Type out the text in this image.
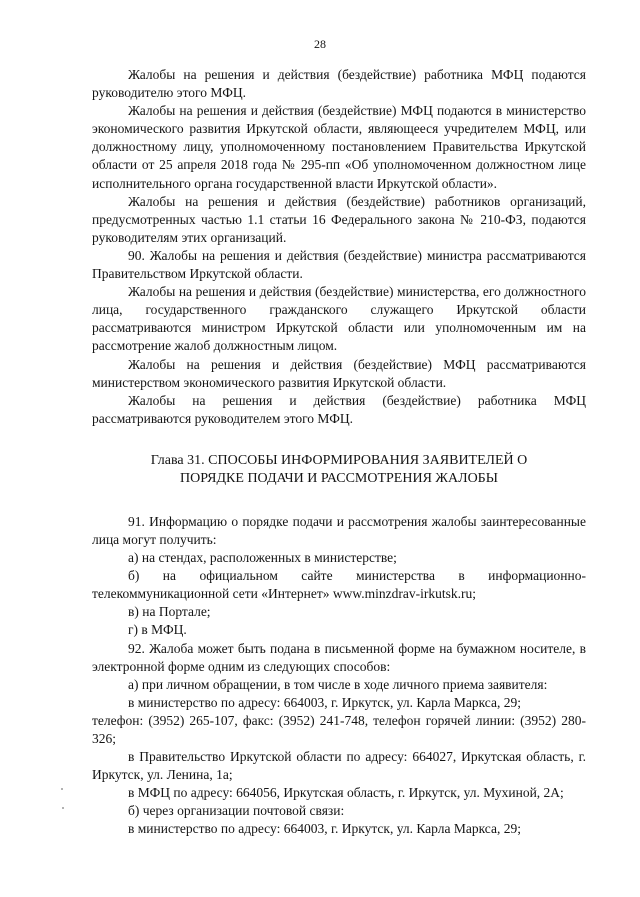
28

Жалобы на решения и действия (бездействие) работника МФЦ подаются руководителю этого МФЦ.

Жалобы на решения и действия (бездействие) МФЦ подаются в министерство экономического развития Иркутской области, являющееся учредителем МФЦ, или должностному лицу, уполномоченному постановлением Правительства Иркутской области от 25 апреля 2018 года № 295-пп «Об уполномоченном должностном лице исполнительного органа государственной власти Иркутской области».

Жалобы на решения и действия (бездействие) работников организаций, предусмотренных частью 1.1 статьи 16 Федерального закона № 210-ФЗ, подаются руководителям этих организаций.

90. Жалобы на решения и действия (бездействие) министра рассматриваются Правительством Иркутской области.

Жалобы на решения и действия (бездействие) министерства, его должностного лица, государственного гражданского служащего Иркутской области рассматриваются министром Иркутской области или уполномоченным им на рассмотрение жалоб должностным лицом.

Жалобы на решения и действия (бездействие) МФЦ рассматриваются министерством экономического развития Иркутской области.

Жалобы на решения и действия (бездействие) работника МФЦ рассматриваются руководителем этого МФЦ.

Глава 31. СПОСОБЫ ИНФОРМИРОВАНИЯ ЗАЯВИТЕЛЕЙ О
ПОРЯДКЕ ПОДАЧИ И РАССМОТРЕНИЯ ЖАЛОБЫ

91. Информацию о порядке подачи и рассмотрения жалобы заинтересованные лица могут получить:

а) на стендах, расположенных в министерстве;

б) на официальном сайте министерства в информационно-телекоммуникационной сети «Интернет» www.minzdrav-irkutsk.ru;

в) на Портале;

г) в МФЦ.

92. Жалоба может быть подана в письменной форме на бумажном носителе, в электронной форме одним из следующих способов:

а) при личном обращении, в том числе в ходе личного приема заявителя:

в министерство по адресу: 664003, г. Иркутск, ул. Карла Маркса, 29;

телефон: (3952) 265-107, факс: (3952) 241-748, телефон горячей линии: (3952) 280-326;

в Правительство Иркутской области по адресу: 664027, Иркутская область, г. Иркутск, ул. Ленина, 1а;

в МФЦ по адресу: 664056, Иркутская область, г. Иркутск, ул. Мухиной, 2А;

б) через организации почтовой связи:

в министерство по адресу: 664003, г. Иркутск, ул. Карла Маркса, 29;
